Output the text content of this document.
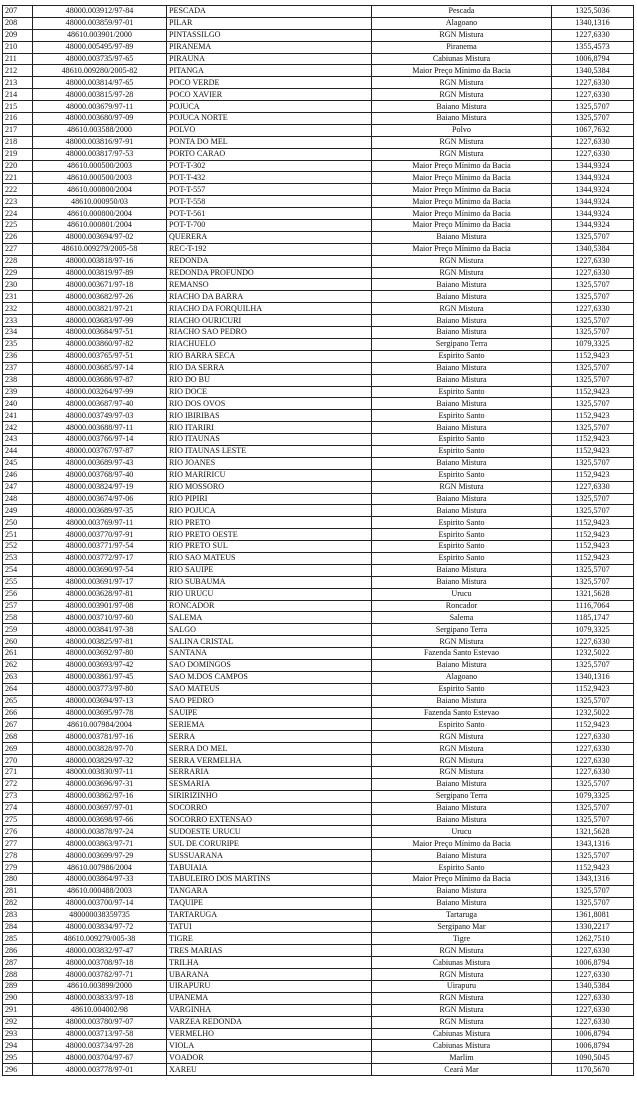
207	48000.003912/97-84	PESCADA	Pescada	1325,5036
208	48000.003859/97-01	PILAR	Alagoano	1340,1316
209	48610.003901/2000	PINTASSILGO	RGN Mistura	1227,6330
210	48000.005495/97-89	PIRANEMA	Piranema	1355,4573
211	48000.003735/97-65	PIRAUNA	Cabiunas Mistura	1006,8794
212	48610.009280/2005-82	PITANGA	Maior Preço Mínimo da Bacia	1340,5384
213	48000.003814/97-65	POCO VERDE	RGN Mistura	1227,6330
214	48000.003815/97-28	POCO XAVIER	RGN Mistura	1227,6330
215	48000.003679/97-11	POJUCA	Baiano Mistura	1325,5707
216	48000.003680/97-09	POJUCA NORTE	Baiano Mistura	1325,5707
217	48610.003588/2000	POLVO	Polvo	1067,7632
218	48000.003816/97-91	PONTA DO MEL	RGN Mistura	1227,6330
219	48000.003817/97-53	PORTO CARAO	RGN Mistura	1227,6330
220	48610.000500/2003	POT-T-302	Maior Preço Mínimo da Bacia	1344,9324
221	48610.000500/2003	POT-T-432	Maior Preço Mínimo da Bacia	1344,9324
222	48610.000800/2004	POT-T-557	Maior Preço Mínimo da Bacia	1344,9324
223	48610.000950/03	POT-T-558	Maior Preço Mínimo da Bacia	1344,9324
224	48610.000800/2004	POT-T-561	Maior Preço Mínimo da Bacia	1344,9324
225	48610.000801/2004	POT-T-700	Maior Preço Mínimo da Bacia	1344,9324
226	48000.003694/97-02	QUERERA	Baiano Mistura	1325,5707
227	48610.009279/2005-58	REC-T-192	Maior Preço Mínimo da Bacia	1340,5384
228	48000.003818/97-16	REDONDA	RGN Mistura	1227,6330
229	48000.003819/97-89	REDONDA PROFUNDO	RGN Mistura	1227,6330
230	48000.003671/97-18	REMANSO	Baiano Mistura	1325,5707
231	48000.003682/97-26	RIACHO DA BARRA	Baiano Mistura	1325,5707
232	48000.003821/97-21	RIACHO DA FORQUILHA	RGN Mistura	1227,6330
233	48000.003683/97-99	RIACHO OURICURI	Baiano Mistura	1325,5707
234	48000.003684/97-51	RIACHO SAO PEDRO	Baiano Mistura	1325,5707
235	48000.003860/97-82	RIACHUELO	Sergipano Terra	1079,3325
236	48000.003765/97-51	RIO BARRA SECA	Espirito Santo	1152,9423
237	48000.003685/97-14	RIO DA SERRA	Baiano Mistura	1325,5707
238	48000.003686/97-87	RIO DO BU	Baiano Mistura	1325,5707
239	48000.003264/97-99	RIO DOCE	Espirito Santo	1152,9423
240	48000.003687/97-40	RIO DOS OVOS	Baiano Mistura	1325,5707
241	48000.003749/97-03	RIO IBIRIBAS	Espirito Santo	1152,9423
242	48000.003688/97-11	RIO ITARIRI	Baiano Mistura	1325,5707
243	48000.003766/97-14	RIO ITAUNAS	Espirito Santo	1152,9423
244	48000.003767/97-87	RIO ITAUNAS LESTE	Espirito Santo	1152,9423
245	48000.003689/97-43	RIO JOANES	Baiano Mistura	1325,5707
246	48000.003768/97-40	RIO MARIRICU	Espirito Santo	1152,9423
247	48000.003824/97-19	RIO MOSSORO	RGN Mistura	1227,6330
248	48000.003674/97-06	RIO PIPIRI	Baiano Mistura	1325,5707
249	48000.003689/97-35	RIO POJUCA	Baiano Mistura	1325,5707
250	48000.003769/97-11	RIO PRETO	Espirito Santo	1152,9423
251	48000.003770/97-91	RIO PRETO OESTE	Espirito Santo	1152,9423
252	48000.003771/97-54	RIO PRETO SUL	Espirito Santo	1152,9423
253	48000.003772/97-17	RIO SAO MATEUS	Espirito Santo	1152,9423
254	48000.003690/97-54	RIO SAUIPE	Baiano Mistura	1325,5707
255	48000.003691/97-17	RIO SUBAUMA	Baiano Mistura	1325,5707
256	48000.003628/97-81	RIO URUCU	Urucu	1321,5628
257	48000.003901/97-08	RONCADOR	Roncador	1116,7064
258	48000.003710/97-60	SALEMA	Salema	1185,1747
259	48000.003841/97-38	SALGO	Sergipano Terra	1079,3325
260	48000.003825/97-81	SALINA CRISTAL	RGN Mistura	1227,6330
261	48000.003692/97-80	SANTANA	Fazenda Santo Estevao	1232,5022
262	48000.003693/97-42	SAO DOMINGOS	Baiano Mistura	1325,5707
263	48000.003861/97-45	SAO M.DOS CAMPOS	Alagoano	1340,1316
264	48000.003773/97-80	SAO MATEUS	Espirito Santo	1152,9423
265	48000.003694/97-13	SAO PEDRO	Baiano Mistura	1325,5707
266	48000.003695/97-78	SAUIPE	Fazenda Santo Estevao	1232,5022
267	48610.007984/2004	SERIEMA	Espirito Santo	1152,9423
268	48000.003781/97-16	SERRA	RGN Mistura	1227,6330
269	48000.003828/97-70	SERRA DO MEL	RGN Mistura	1227,6330
270	48000.003829/97-32	SERRA VERMELHA	RGN Mistura	1227,6330
271	48000.003830/97-11	SERRARIA	RGN Mistura	1227,6330
272	48000.003696/97-31	SESMARIA	Baiano Mistura	1325,5707
273	48000.003862/97-16	SIRIRIZINHO	Sergipano Terra	1079,3325
274	48000.003697/97-01	SOCORRO	Baiano Mistura	1325,5707
275	48000.003698/97-66	SOCORRO EXTENSAO	Baiano Mistura	1325,5707
276	48000.003878/97-24	SUDOESTE URUCU	Urucu	1321,5628
277	48000.003863/97-71	SUL DE CORURIPE	Maior Preço Mínimo da Bacia	1343,1316
278	48000.003699/97-29	SUSSUARANA	Baiano Mistura	1325,5707
279	48610.007986/2004	TABUIAIA	Espirito Santo	1152,9423
280	48000.003864/97-33	TABULEIRO DOS MARTINS	Maior Preço Mínimo da Bacia	1343,1316
281	48610.000488/2003	TANGARA	Baiano Mistura	1325,5707
282	48000.003700/97-14	TAQUIPE	Baiano Mistura	1325,5707
283	480000038359735	TARTARUGA	Tartaruga	1361,8081
284	48000.003834/97-72	TATUI	Sergipano Mar	1330,2217
285	48610.009279/005-38	TIGRE	Tigre	1262,7510
286	48000.003832/97-47	TRES MARIAS	RGN Mistura	1227,6330
287	48000.003708/97-18	TRILHA	Cabiunas Mistura	1006,8794
288	48000.003782/97-71	UBARANA	RGN Mistura	1227,6330
289	48610.003899/2000	UIRAPURU	Uirapuru	1340,5384
290	48000.003833/97-18	UPANEMA	RGN Mistura	1227,6330
291	48610.004002/98	VARGINHA	RGN Mistura	1227,6330
292	48000.003780/97-07	VARZEA REDONDA	RGN Mistura	1227,6330
293	48000.003713/97-58	VERMELHO	Cabiunas Mistura	1006,8794
294	48000.003734/97-28	VIOLA	Cabiunas Mistura	1006,8794
295	48000.003704/97-67	VOADOR	Marlim	1090,5045
296	48000.003778/97-01	XAREU	Ceará Mar	1170,5670
